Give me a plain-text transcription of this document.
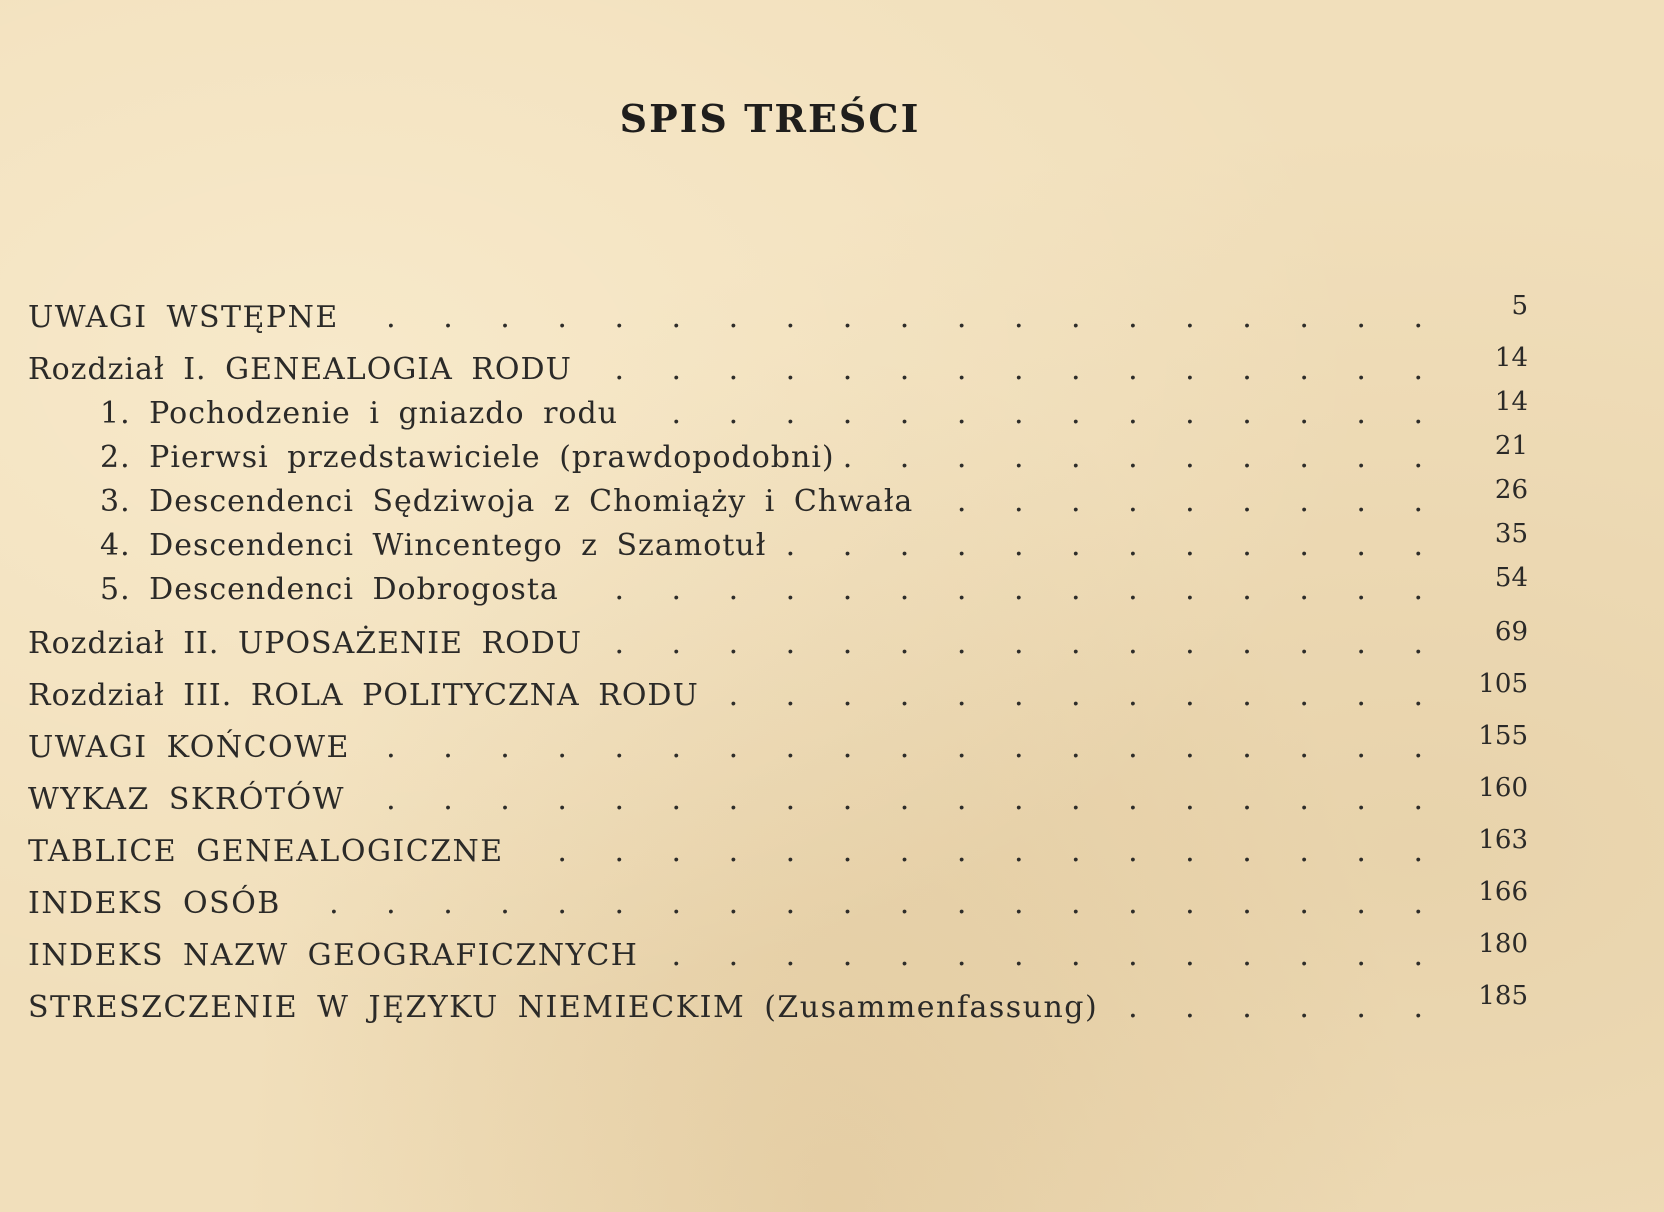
SPIS TREŚCI
UWAGI WSTĘPNE . . .	5
Rozdział I. GENEALOGIA RODU . . .	14
1. Pochodzenie i gniazdo rodu . . .	14
2. Pierwsi przedstawiciele (prawdopodobni) . . .	21
3. Descendenci Sędziwoja z Chomiąży i Chwała . . .	26
4. Descendenci Wincentego z Szamotuł . . .	35
5. Descendenci Dobrogosta . . .	54
Rozdział II. UPOSAŻENIE RODU . . .	69
Rozdział III. ROLA POLITYCZNA RODU . . .	105
UWAGI KOŃCOWE . . .	155
WYKAZ SKRÓTÓW . . .	160
TABLICE GENEALOGICZNE . . .	163
INDEKS OSÓB . . .	166
INDEKS NAZW GEOGRAFICZNYCH . . .	180
STRESZCZENIE W JĘZYKU NIEMIECKIM (Zusammenfassung) . . .	185
